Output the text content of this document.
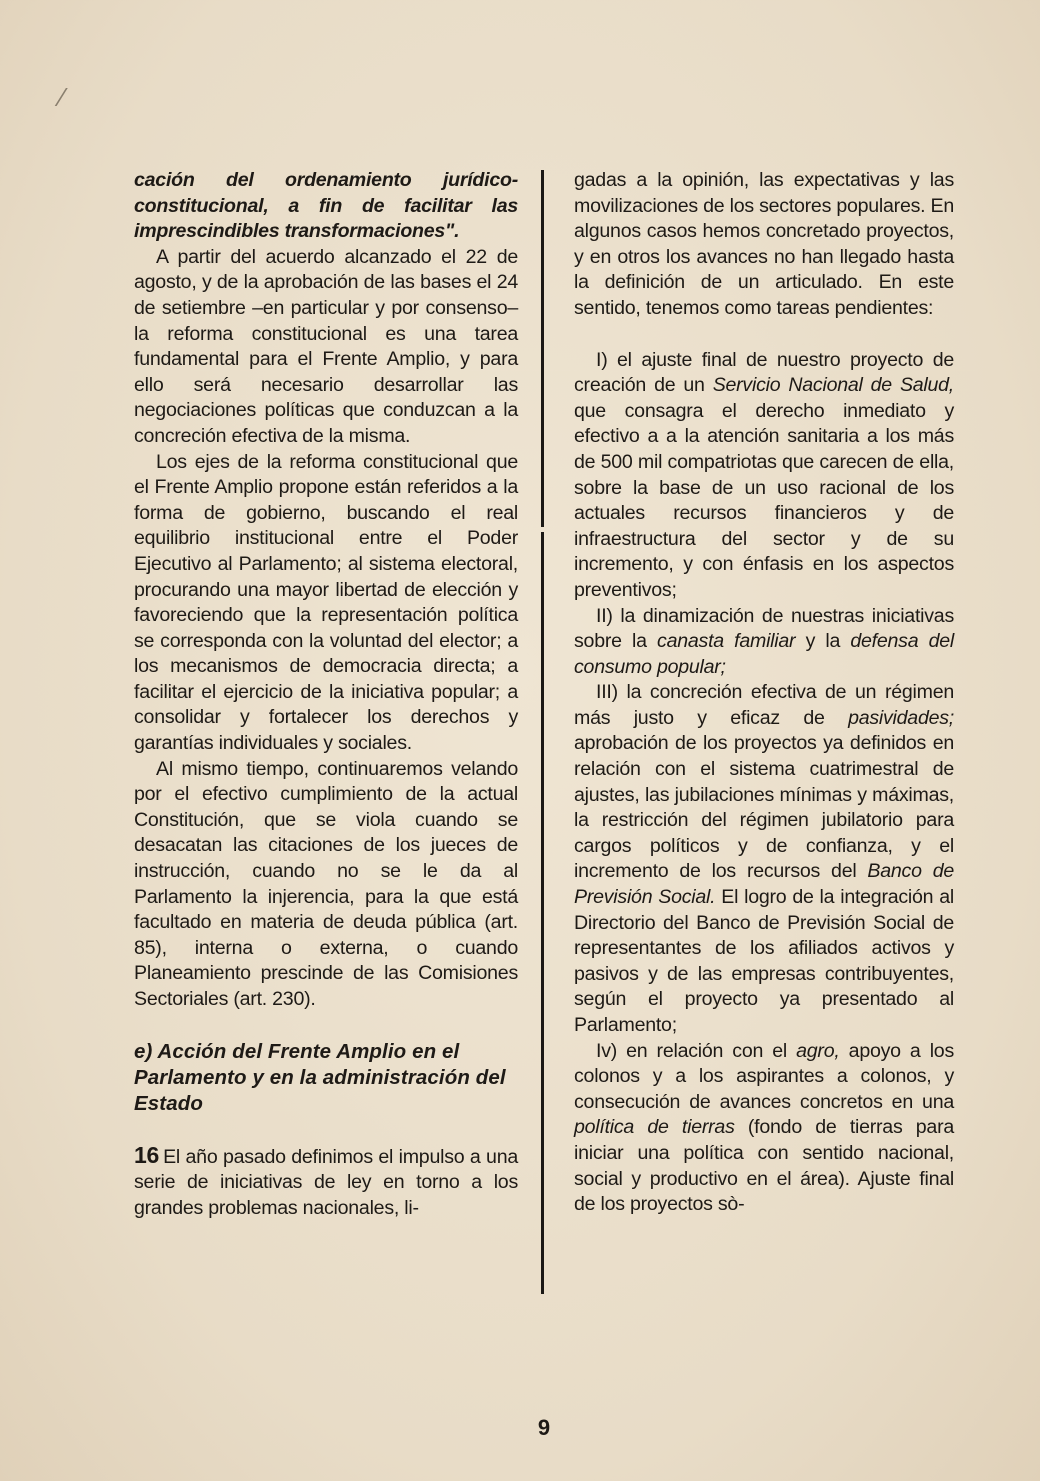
⁄

cación del ordenamiento jurídico-constitucional, a fin de facilitar las imprescindibles transformaciones".

A partir del acuerdo alcanzado el 22 de agosto, y de la aprobación de las bases el 24 de setiembre –en particular y por consenso– la reforma constitucional es una tarea fundamental para el Frente Amplio, y para ello será necesario desarrollar las negociaciones políticas que conduzcan a la concreción efectiva de la misma.

Los ejes de la reforma constitucional que el Frente Amplio propone están referidos a la forma de gobierno, buscando el real equilibrio institucional entre el Poder Ejecutivo al Parlamento; al sistema electoral, procurando una mayor libertad de elección y favoreciendo que la representación política se corresponda con la voluntad del elector; a los mecanismos de democracia directa; a facilitar el ejercicio de la iniciativa popular; a consolidar y fortalecer los derechos y garantías individuales y sociales.

Al mismo tiempo, continuaremos velando por el efectivo cumplimiento de la actual Constitución, que se viola cuando se desacatan las citaciones de los jueces de instrucción, cuando no se le da al Parlamento la injerencia, para la que está facultado en materia de deuda pública (art. 85), interna o externa, o cuando Planeamiento prescinde de las Comisiones Sectoriales (art. 230).

e) Acción del Frente Amplio en el Parlamento y en la administración del Estado

16 El año pasado definimos el impulso a una serie de iniciativas de ley en torno a los grandes problemas nacionales, li-

gadas a la opinión, las expectativas y las movilizaciones de los sectores populares. En algunos casos hemos concretado proyectos, y en otros los avances no han llegado hasta la definición de un articulado. En este sentido, tenemos como tareas pendientes:

I) el ajuste final de nuestro proyecto de creación de un Servicio Nacional de Salud, que consagra el derecho inmediato y efectivo a a la atención sanitaria a los más de 500 mil compatriotas que carecen de ella, sobre la base de un uso racional de los actuales recursos financieros y de infraestructura del sector y de su incremento, y con énfasis en los aspectos preventivos;

II) la dinamización de nuestras iniciativas sobre la canasta familiar y la defensa del consumo popular;

III) la concreción efectiva de un régimen más justo y eficaz de pasividades; aprobación de los proyectos ya definidos en relación con el sistema cuatrimestral de ajustes, las jubilaciones mínimas y máximas, la restricción del régimen jubilatorio para cargos políticos y de confianza, y el incremento de los recursos del Banco de Previsión Social. El logro de la integración al Directorio del Banco de Previsión Social de representantes de los afiliados activos y pasivos y de las empresas contribuyentes, según el proyecto ya presentado al Parlamento;

Iv) en relación con el agro, apoyo a los colonos y a los aspirantes a colonos, y consecución de avances concretos en una política de tierras (fondo de tierras para iniciar una política con sentido nacional, social y productivo en el área). Ajuste final de los proyectos sò-

9
